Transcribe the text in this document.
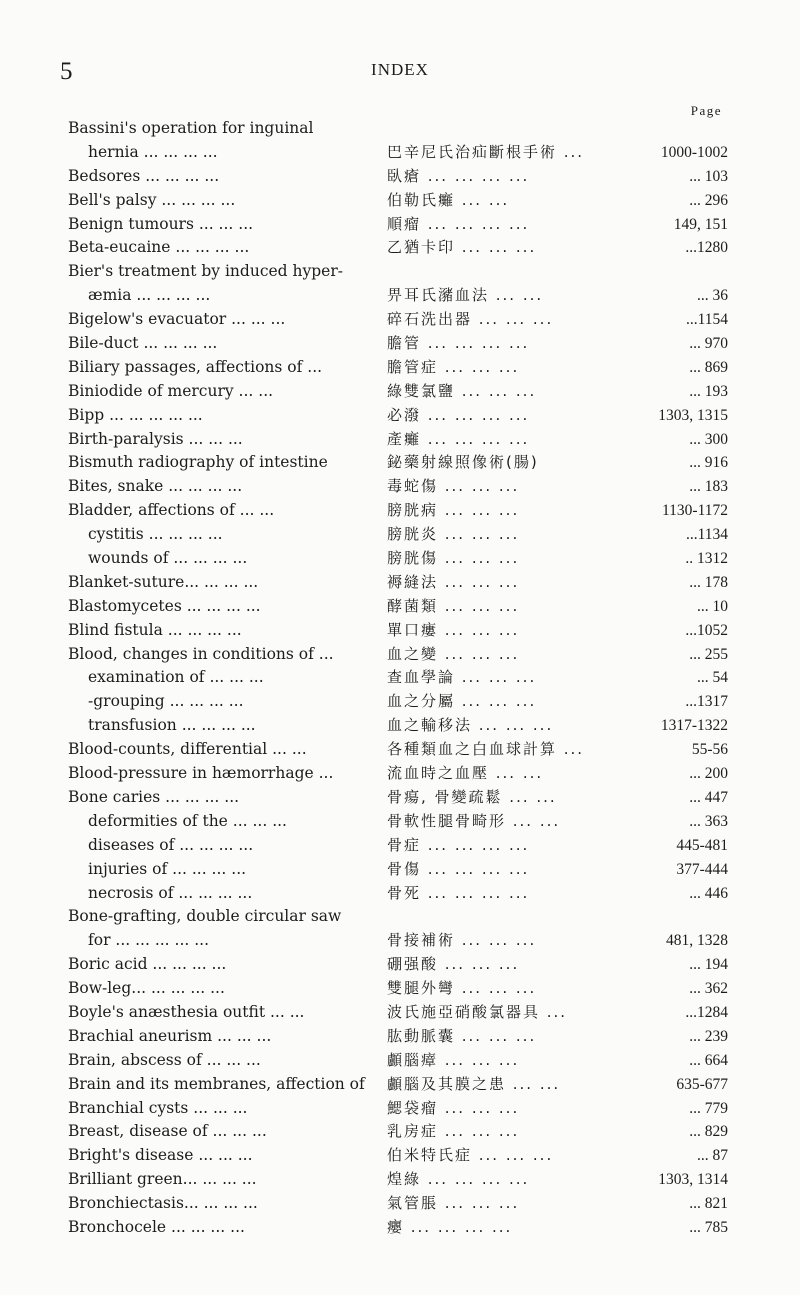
5	INDEX
Page
Bassini's operation for inguinal
hernia ... ... ... ...	巴辛尼氏治疝斷根手術 ...	1000-1002
Bedsores ... ... ... ...	臥瘡 ... ... ... ...	... 103
Bell's palsy ... ... ... ...	伯勒氏癱 ... ...	... 296
Benign tumours ... ... ...	順瘤 ... ... ... ...	149, 151
Beta-eucaine ... ... ... ...	乙猶卡印 ... ... ...	...1280
Bier's treatment by induced hyper-
æmia ... ... ... ...	畀耳氏瀦血法 ... ...	... 36
Bigelow's evacuator ... ... ...	碎石洗出器 ... ... ...	...1154
Bile-duct ... ... ... ...	膽管 ... ... ... ...	... 970
Biliary passages, affections of ...	膽管症 ... ... ...	... 869
Biniodide of mercury ... ...	綠雙氯鹽 ... ... ...	... 193
Bipp ... ... ... ... ...	必潑 ... ... ... ...	1303, 1315
Birth-paralysis ... ... ...	產癱 ... ... ... ...	... 300
Bismuth radiography of intestine	鉍藥射線照像術(腸)	... 916
Bites, snake ... ... ... ...	毒蛇傷 ... ... ...	... 183
Bladder, affections of ... ...	膀胱病 ... ... ...	1130-1172
cystitis ... ... ... ...	膀胱炎 ... ... ...	...1134
wounds of ... ... ... ...	膀胱傷 ... ... ...	.. 1312
Blanket-suture... ... ... ...	褥縫法 ... ... ...	... 178
Blastomycetes ... ... ... ...	酵菌類 ... ... ...	... 10
Blind fistula ... ... ... ...	單口瘻 ... ... ...	...1052
Blood, changes in conditions of ...	血之變 ... ... ...	... 255
examination of ... ... ...	查血學論 ... ... ...	... 54
-grouping ... ... ... ...	血之分屬 ... ... ...	...1317
transfusion ... ... ... ...	血之輸移法 ... ... ...	1317-1322
Blood-counts, differential ... ...	各種類血之白血球計算 ...	55-56
Blood-pressure in hæmorrhage ...	流血時之血壓 ... ...	... 200
Bone caries ... ... ... ...	骨瘍, 骨變疏鬆 ... ...	... 447
deformities of the ... ... ...	骨軟性腿骨畸形 ... ...	... 363
diseases of ... ... ... ...	骨症 ... ... ... ...	445-481
injuries of ... ... ... ...	骨傷 ... ... ... ...	377-444
necrosis of ... ... ... ...	骨死 ... ... ... ...	... 446
Bone-grafting, double circular saw
for ... ... ... ... ...	骨接補術 ... ... ...	481, 1328
Boric acid ... ... ... ...	硼强酸 ... ... ...	... 194
Bow-leg... ... ... ... ...	雙腿外彎 ... ... ...	... 362
Boyle's anæsthesia outfit ... ...	波氏施亞硝酸氯器具 ...	...1284
Brachial aneurism ... ... ...	肱動脈囊 ... ... ...	... 239
Brain, abscess of ... ... ...	顱腦瘴 ... ... ...	... 664
Brain and its membranes, affection of 顱腦及其膜之患 ... ...	635-677
Branchial cysts ... ... ...	鰓袋瘤 ... ... ...	... 779
Breast, disease of ... ... ...	乳房症 ... ... ...	... 829
Bright's disease ... ... ...	伯米特氏症 ... ... ...	... 87
Brilliant green... ... ... ...	煌綠 ... ... ... ...	1303, 1314
Bronchiectasis... ... ... ...	氣管脹 ... ... ...	... 821
Bronchocele ... ... ... ...	癭 ... ... ... ...	... 785
